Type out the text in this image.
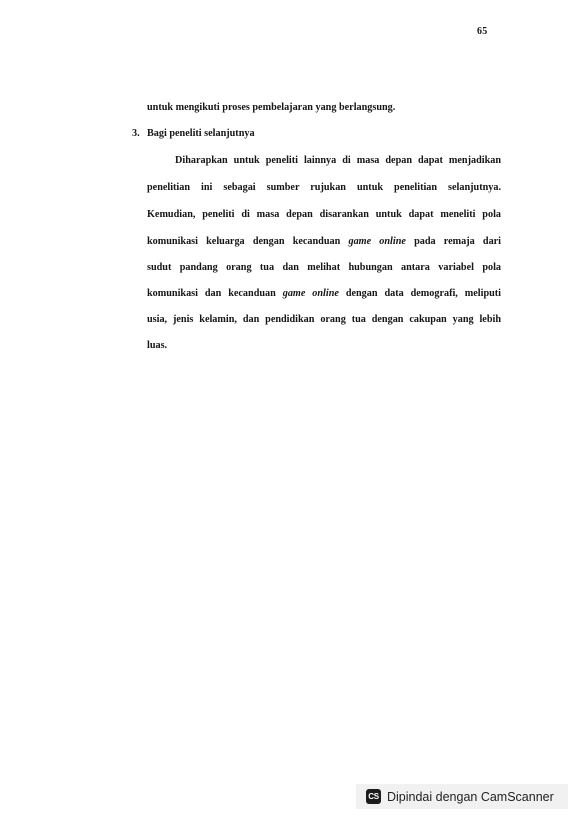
65
untuk mengikuti proses pembelajaran yang berlangsung.
3. Bagi peneliti selanjutnya
Diharapkan untuk peneliti lainnya di masa depan dapat menjadikan
penelitian ini sebagai sumber rujukan untuk penelitian selanjutnya.
Kemudian, peneliti di masa depan disarankan untuk dapat meneliti pola
komunikasi keluarga dengan kecanduan game online pada remaja dari
sudut pandang orang tua dan melihat hubungan antara variabel pola
komunikasi dan kecanduan game online dengan data demografi, meliputi
usia, jenis kelamin, dan pendidikan orang tua dengan cakupan yang lebih
luas.
CS Dipindai dengan CamScanner
